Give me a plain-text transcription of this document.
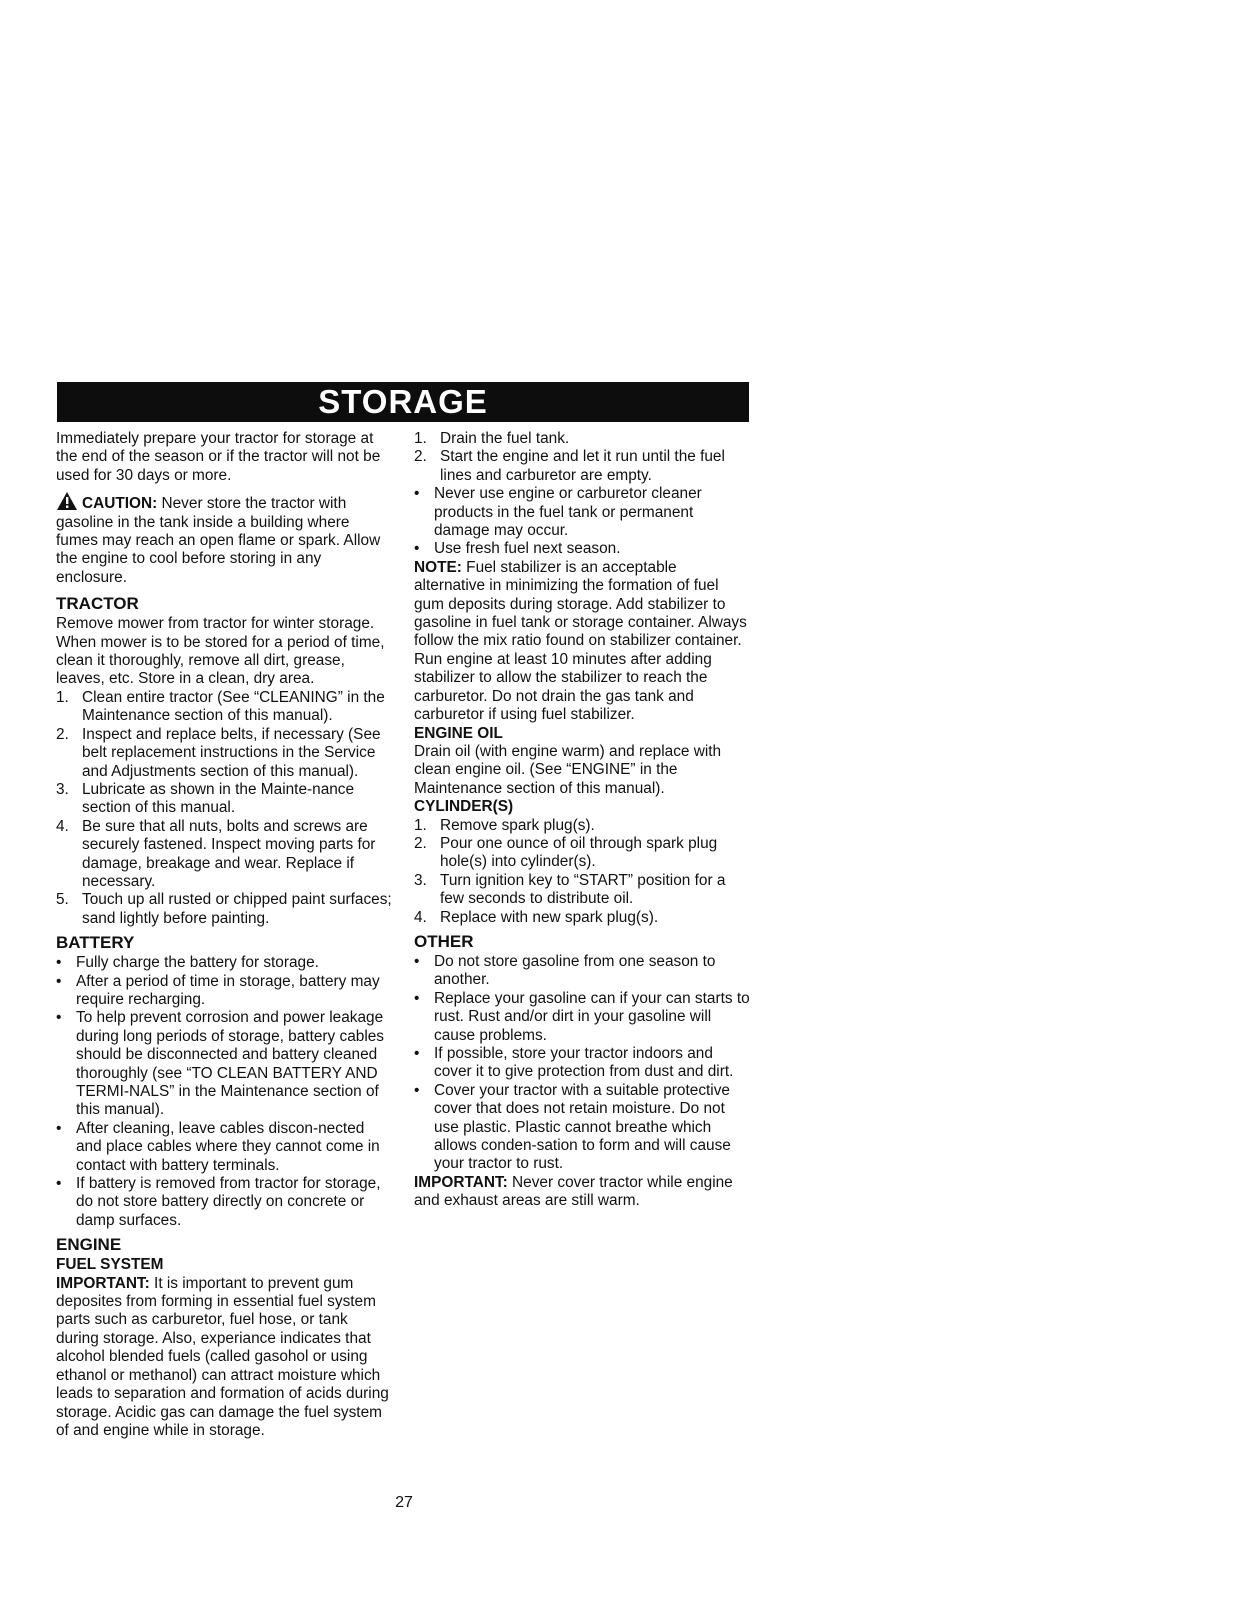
STORAGE

Immediately prepare your tractor for storage at the end of the season or if the tractor will not be used for 30 days or more.

CAUTION: Never store the tractor with gasoline in the tank inside a building where fumes may reach an open flame or spark. Allow the engine to cool before storing in any enclosure.

TRACTOR

Remove mower from tractor for winter storage. When mower is to be stored for a period of time, clean it thoroughly, remove all dirt, grease, leaves, etc. Store in a clean, dry area.

1. Clean entire tractor (See “CLEANING” in the Maintenance section of this manual).
2. Inspect and replace belts, if necessary (See belt replacement instructions in the Service and Adjustments section of this manual).
3. Lubricate as shown in the Mainte-nance section of this manual.
4. Be sure that all nuts, bolts and screws are securely fastened. Inspect moving parts for damage, breakage and wear. Replace if necessary.
5. Touch up all rusted or chipped paint surfaces; sand lightly before painting.
BATTERY
• Fully charge the battery for storage.
• After a period of time in storage, battery may require recharging.
• To help prevent corrosion and power leakage during long periods of storage, battery cables should be disconnected and battery cleaned thoroughly (see “TO CLEAN BATTERY AND TERMI-NALS” in the Maintenance section of this manual).
• After cleaning, leave cables discon-nected and place cables where they cannot come in contact with battery terminals.
• If battery is removed from tractor for storage, do not store battery directly on concrete or damp surfaces.
ENGINE
FUEL SYSTEM

IMPORTANT: It is important to prevent gum deposites from forming in essential fuel system parts such as carburetor, fuel hose, or tank during storage. Also, experiance indicates that alcohol blended fuels (called gasohol or using ethanol or methanol) can attract moisture which leads to separation and formation of acids during storage. Acidic gas can damage the fuel system of and engine while in storage.

1. Drain the fuel tank.
2. Start the engine and let it run until the fuel lines and carburetor are empty.
• Never use engine or carburetor cleaner products in the fuel tank or permanent damage may occur.
• Use fresh fuel next season.

NOTE: Fuel stabilizer is an acceptable alternative in minimizing the formation of fuel gum deposits during storage. Add stabilizer to gasoline in fuel tank or storage container. Always follow the mix ratio found on stabilizer container. Run engine at least 10 minutes after adding stabilizer to allow the stabilizer to reach the carburetor. Do not drain the gas tank and carburetor if using fuel stabilizer.

ENGINE OIL

Drain oil (with engine warm) and replace with clean engine oil. (See “ENGINE” in the Maintenance section of this manual).

CYLINDER(S)
1. Remove spark plug(s).
2. Pour one ounce of oil through spark plug hole(s) into cylinder(s).
3. Turn ignition key to “START” position for a few seconds to distribute oil.
4. Replace with new spark plug(s).
OTHER
• Do not store gasoline from one season to another.
• Replace your gasoline can if your can starts to rust. Rust and/or dirt in your gasoline will cause problems.
• If possible, store your tractor indoors and cover it to give protection from dust and dirt.
• Cover your tractor with a suitable protective cover that does not retain moisture. Do not use plastic. Plastic cannot breathe which allows conden-sation to form and will cause your tractor to rust.

IMPORTANT: Never cover tractor while engine and exhaust areas are still warm.

27
